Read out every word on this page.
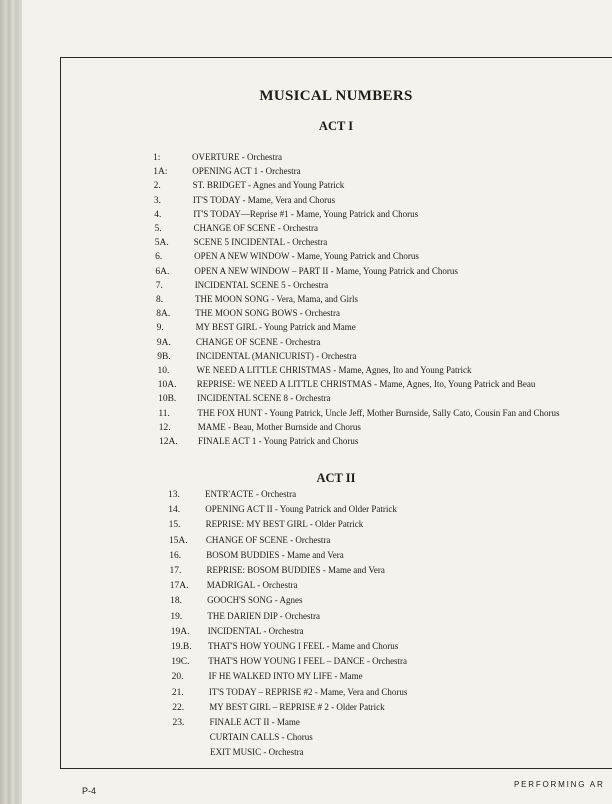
MUSICAL NUMBERS
ACT I
ACT II
1:	OVERTURE - Orchestra
1A:	OPENING ACT 1 - Orchestra
2.	ST. BRIDGET - Agnes and Young Patrick
3.	IT'S TODAY - Mame, Vera and Chorus
4.	IT'S TODAY—Reprise #1 - Mame, Young Patrick and Chorus
5.	CHANGE OF SCENE - Orchestra
5A.	SCENE 5 INCIDENTAL - Orchestra
6.	OPEN A NEW WINDOW - Mame, Young Patrick and Chorus
6A.	OPEN A NEW WINDOW – PART II - Mame, Young Patrick and Chorus
7.	INCIDENTAL SCENE 5 - Orchestra
8.	THE MOON SONG - Vera, Mama, and Girls
8A.	THE MOON SONG BOWS - Orchestra
9.	MY BEST GIRL - Young Patrick and Mame
9A.	CHANGE OF SCENE - Orchestra
9B.	INCIDENTAL (MANICURIST) - Orchestra
10.	WE NEED A LITTLE CHRISTMAS - Mame, Agnes, Ito and Young Patrick
10A. REPRISE: WE NEED A LITTLE CHRISTMAS - Mame, Agnes, Ito, Young Patrick and Beau
10B. INCIDENTAL SCENE 8 - Orchestra
11.	THE FOX HUNT - Young Patrick, Uncle Jeff, Mother Burnside, Sally Cato, Cousin Fan and Chorus
12.	MAME - Beau, Mother Burnside and Chorus
12A. FINALE ACT 1 - Young Patrick and Chorus
13.	ENTR'ACTE - Orchestra
14.	OPENING ACT II - Young Patrick and Older Patrick
15.	REPRISE: MY BEST GIRL - Older Patrick
15A. CHANGE OF SCENE - Orchestra
16.	BOSOM BUDDIES - Mame and Vera
17.	REPRISE: BOSOM BUDDIES - Mame and Vera
17A. MADRIGAL - Orchestra
18.	GOOCH'S SONG - Agnes
19.	THE DARIEN DIP - Orchestra
19A. INCIDENTAL - Orchestra
19.B. THAT'S HOW YOUNG I FEEL - Mame and Chorus
19C. THAT'S HOW YOUNG I FEEL – DANCE - Orchestra
20.	IF HE WALKED INTO MY LIFE - Mame
21.	IT'S TODAY – REPRISE #2 - Mame, Vera and Chorus
22.	MY BEST GIRL – REPRISE # 2 - Older Patrick
23.	FINALE ACT II - Mame
CURTAIN CALLS - Chorus
EXIT MUSIC - Orchestra
P-4
PERFORMING AR
